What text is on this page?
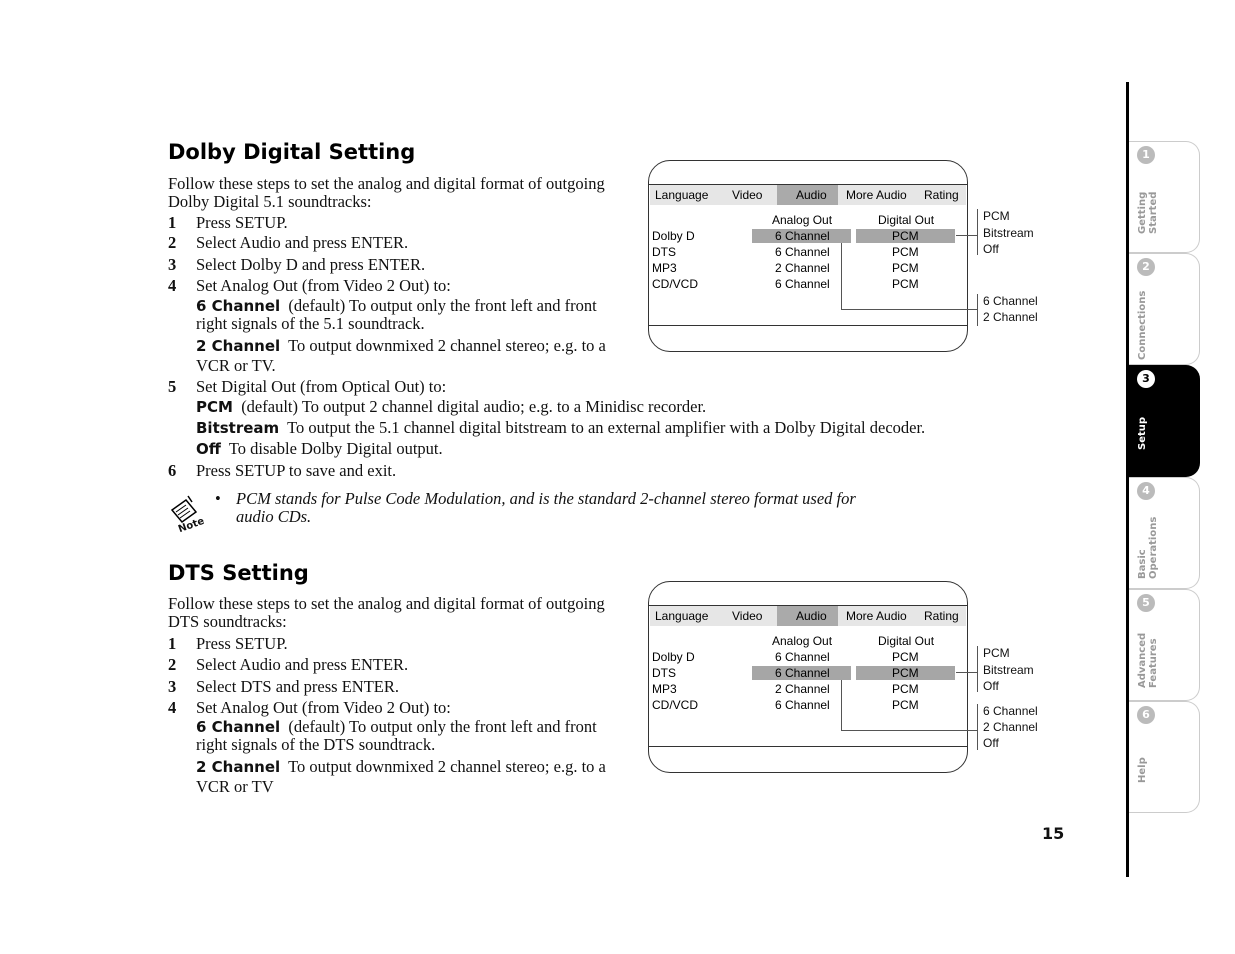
Dolby Digital Setting
Follow these steps to set the analog and digital format of outgoing
Dolby Digital 5.1 soundtracks:
1 Press SETUP.
2 Select Audio and press ENTER.
3 Select Dolby D and press ENTER.
4 Set Analog Out (from Video 2 Out) to:
6 Channel (default) To output only the front left and front
right signals of the 5.1 soundtrack.
2 Channel To output downmixed 2 channel stereo; e.g. to a
VCR or TV.
5 Set Digital Out (from Optical Out) to:
PCM (default) To output 2 channel digital audio; e.g. to a Minidisc recorder.
Bitstream To output the 5.1 channel digital bitstream to an external amplifier with a Dolby Digital decoder.
Off To disable Dolby Digital output.
6 Press SETUP to save and exit.
Note
• PCM stands for Pulse Code Modulation, and is the standard 2-channel stereo format used for
audio CDs.
DTS Setting
Follow these steps to set the analog and digital format of outgoing
DTS soundtracks:
1 Press SETUP.
2 Select Audio and press ENTER.
3 Select DTS and press ENTER.
4 Set Analog Out (from Video 2 Out) to:
6 Channel (default) To output only the front left and front
right signals of the DTS soundtrack.
2 Channel To output downmixed 2 channel stereo; e.g. to a
VCR or TV
Language Video	Audio More Audio Rating
Analog Out	Digital Out
Dolby D	6 Channel	PCM
DTS	6 Channel	PCM
MP3	2 Channel	PCM
CD/VCD	6 Channel	PCM
PCM
Bitstream
Off
6 Channel
2 Channel
Language Video	Audio More Audio Rating
Analog Out	Digital Out
Dolby D	6 Channel	PCM
DTS	6 Channel	PCM
MP3	2 Channel	PCM
CD/VCD	6 Channel	PCM
PCM
Bitstream
Off
6 Channel
2 Channel
Off
15
1
2
3
4
Basic
5
6
Help
